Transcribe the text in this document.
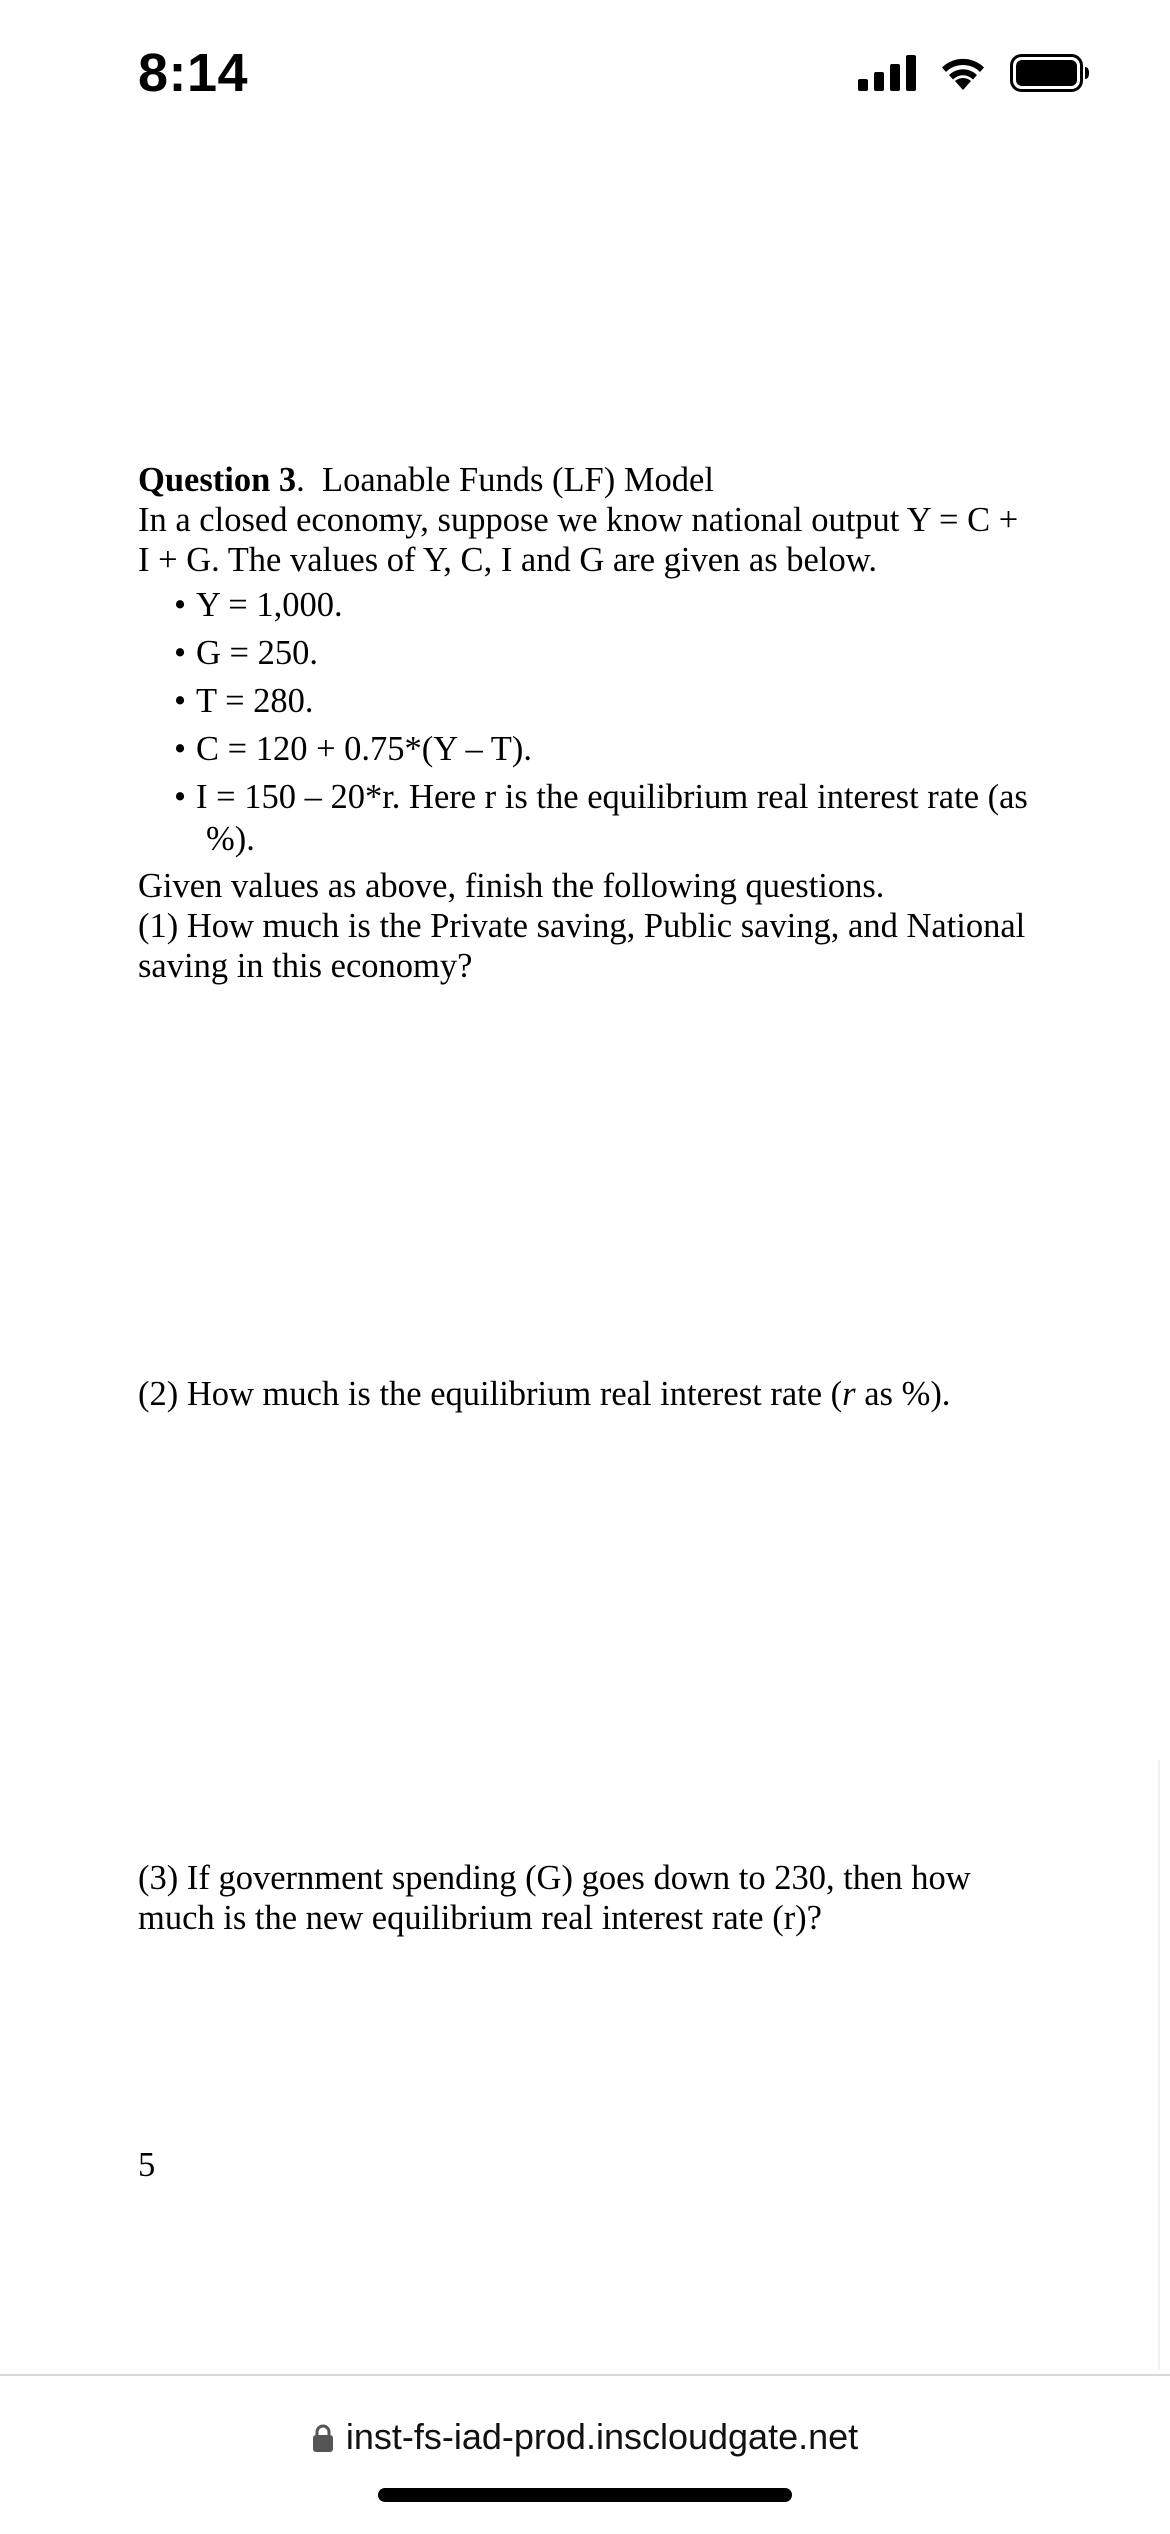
8:14

Question 3.  Loanable Funds (LF) Model

In a closed economy, suppose we know national output Y = C +

I + G. The values of Y, C, I and G are given as below.

• Y = 1,000.
• G = 250.
• T = 280.
• C = 120 + 0.75*(Y – T).
• I = 150 – 20*r. Here r is the equilibrium real interest rate (as
%).

Given values as above, finish the following questions.

(1) How much is the Private saving, Public saving, and National

saving in this economy?

(2) How much is the equilibrium real interest rate (r as %).

(3) If government spending (G) goes down to 230, then how

much is the new equilibrium real interest rate (r)?

5
inst-fs-iad-prod.inscloudgate.net
